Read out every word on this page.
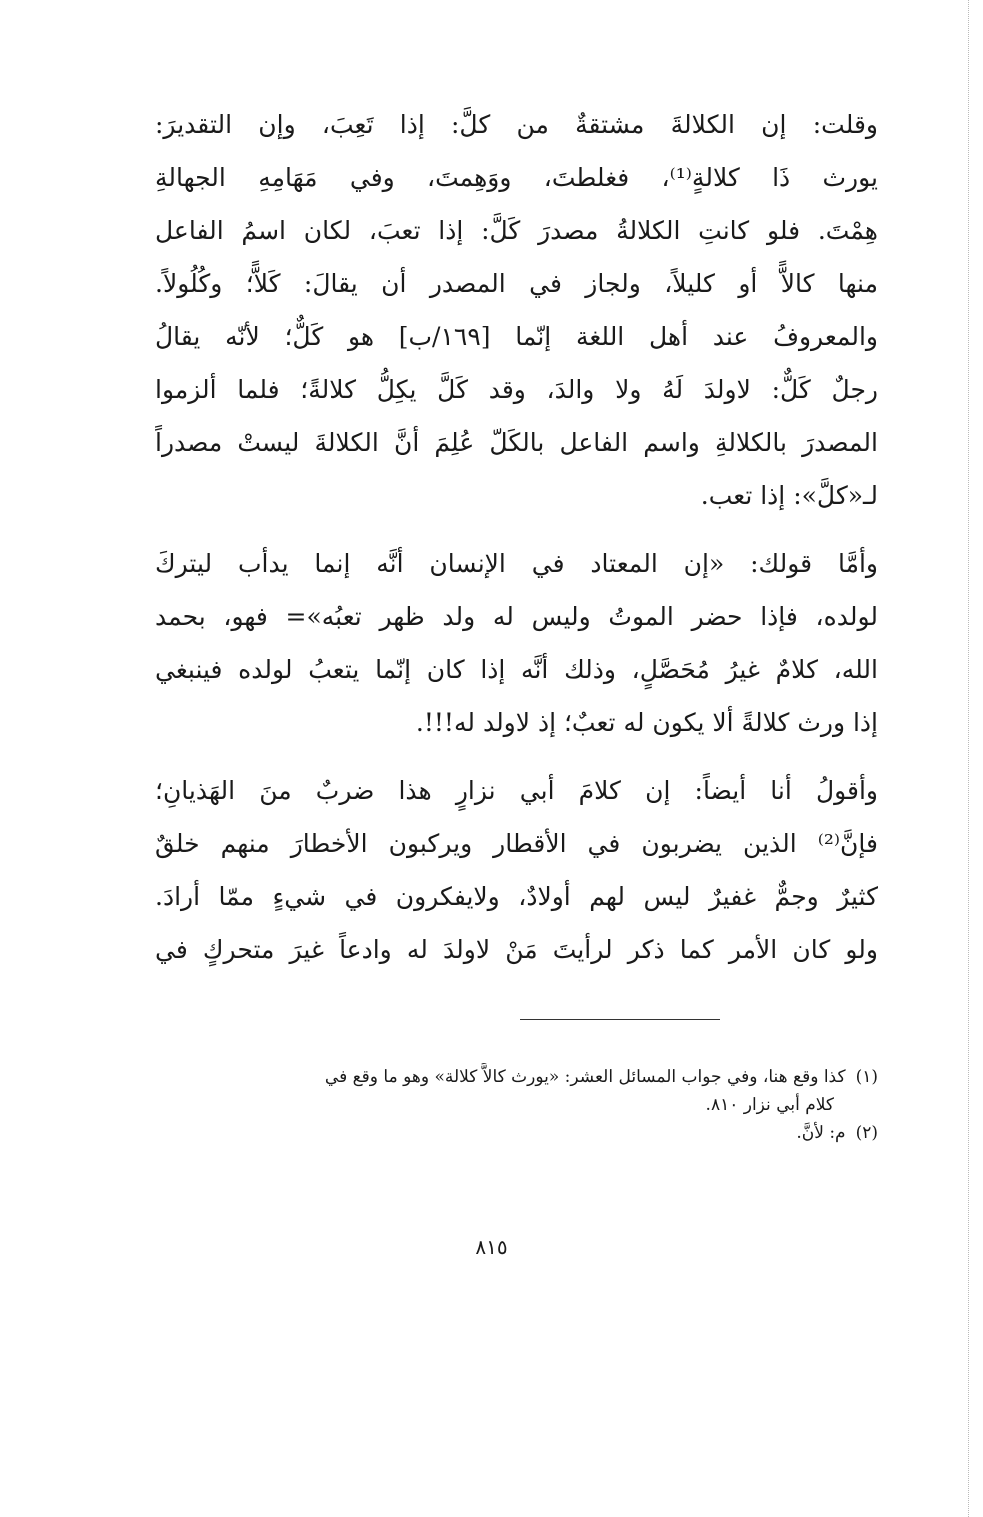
وقلت: إن الكلالةَ مشتقةٌ من كلَّ: إذا تَعِبَ، وإن التقديرَ:
يورث ذَا كلالةٍ⁽¹⁾، فغلطتَ، ووَهِمتَ، وفي مَهَامِهِ الجهالةِ
هِمْتَ. فلو كانتِ الكلالةُ مصدرَ كَلَّ: إذا تعبَ، لكان اسمُ الفاعل
منها كالاًّ أو كليلاً، ولجاز في المصدر أن يقالَ: كَلاًّ؛ وكُلُولاً.
والمعروفُ عند أهل اللغة إنّما [١٦٩/ب] هو كَلٌّ؛ لأنّه يقالُ
رجلٌ كَلٌّ: لاولدَ لَهُ ولا والدَ، وقد كَلَّ يكِلُّ كلالةً؛ فلما ألزموا
المصدرَ بالكلالةِ واسم الفاعل بالكَلّ عُلِمَ أنَّ الكلالةَ ليستْ مصدراً
لـ«كلَّ»: إذا تعب.

وأمَّا قولك: «إن المعتاد في الإنسان أنَّه إنما يدأب ليتركَ
لولده، فإذا حضر الموتُ وليس له ولد ظهر تعبُه»= فهو، بحمد
الله، كلامٌ غيرُ مُحَصَّلٍ، وذلك أنَّه إذا كان إنّما يتعبُ لولده فينبغي
إذا ورث كلالةً ألا يكون له تعبٌ؛ إذ لاولد له!!!.

وأقولُ أنا أيضاً: إن كلامَ أبي نزارٍ هذا ضربٌ منَ الهَذيانِ؛
فإنَّ⁽²⁾ الذين يضربون في الأقطار ويركبون الأخطارَ منهم خلقٌ
كثيرٌ وجمٌّ غفيرٌ ليس لهم أولادٌ، ولايفكرون في شيءٍ ممّا أرادَ.
ولو كان الأمر كما ذكر لرأيتَ مَنْ لاولدَ له وادعاً غيرَ متحركٍ في

(١)كذا وقع هنا، وفي جواب المسائل العشر: «يورث كالاًّ كلالة» وهو ما وقع في
كلام أبي نزار ٨١٠.
(٢)م: لأنَّ.
٨١٥
